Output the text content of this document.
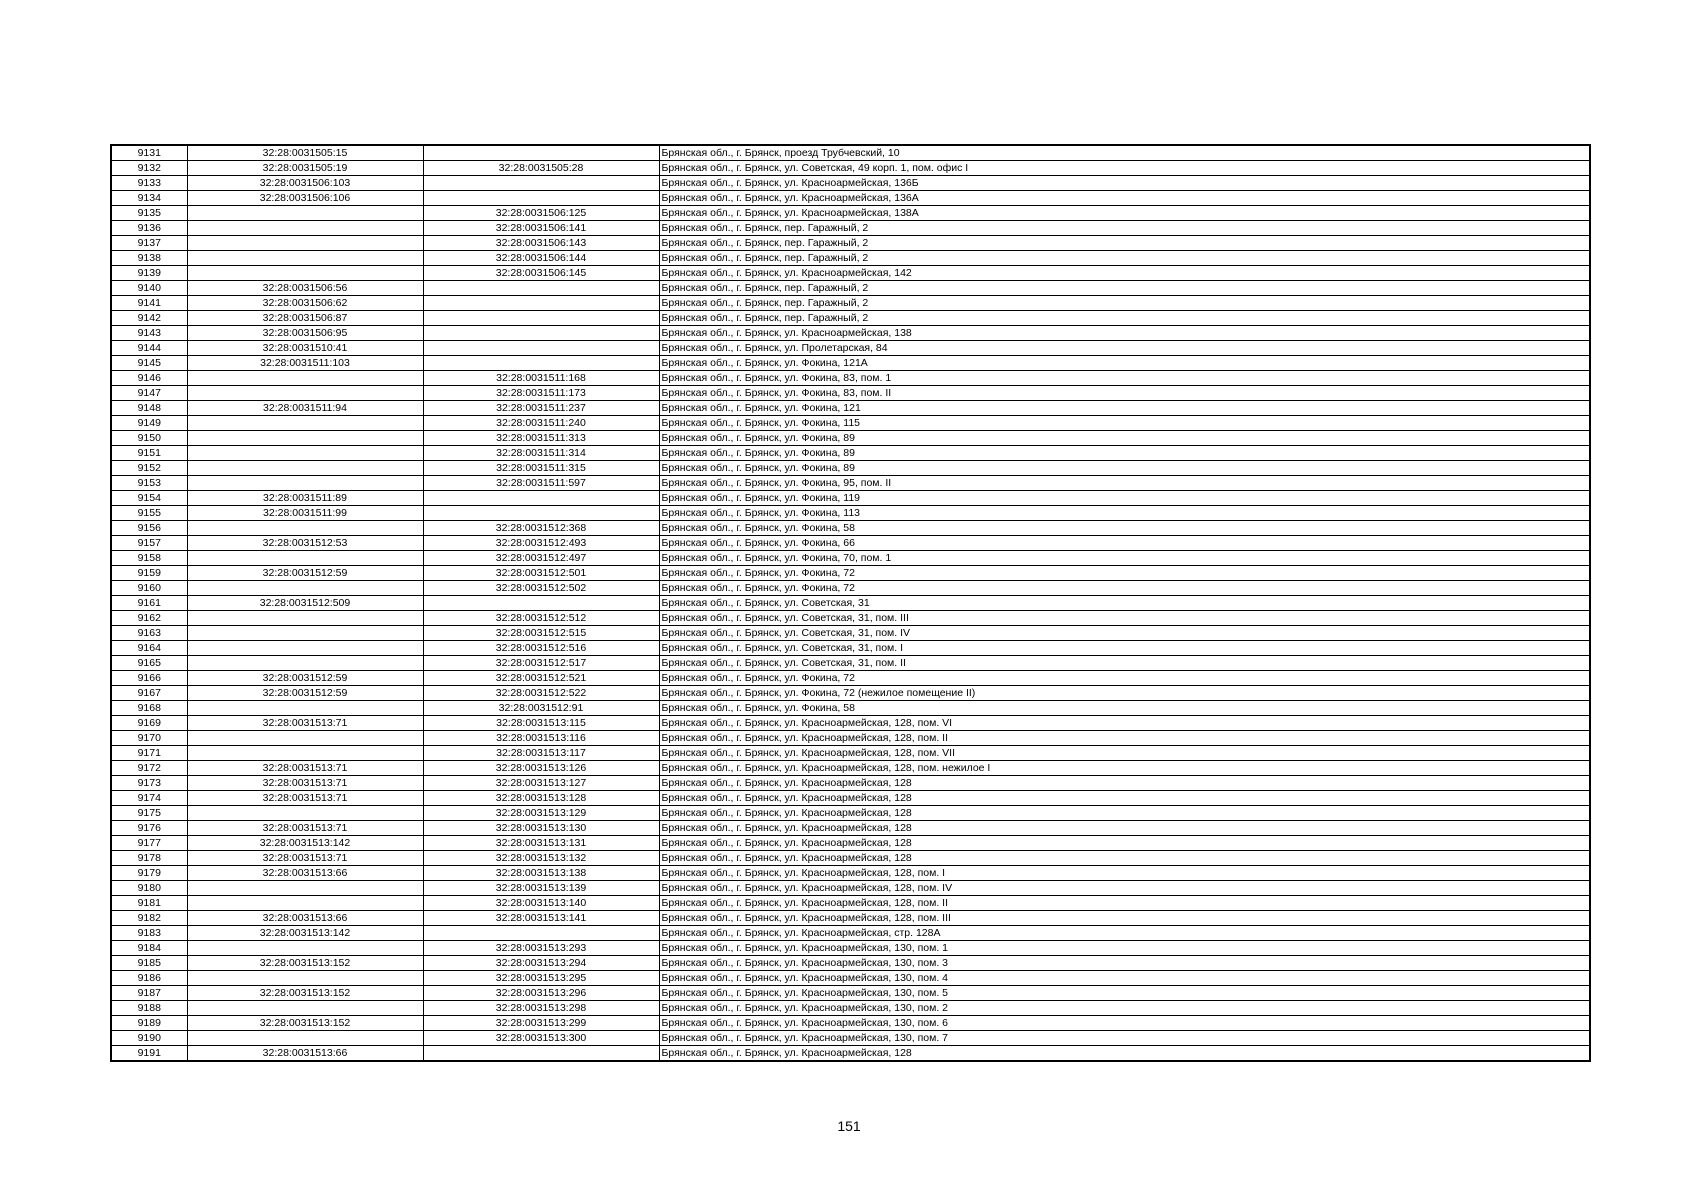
9131	32:28:0031505:15		Брянская обл., г. Брянск, проезд Трубчевский, 10
9132	32:28:0031505:19	32:28:0031505:28	Брянская обл., г. Брянск, ул. Советская, 49 корп. 1, пом. офис I
9133	32:28:0031506:103		Брянская обл., г. Брянск, ул. Красноармейская, 136Б
9134	32:28:0031506:106		Брянская обл., г. Брянск, ул. Красноармейская, 136А
9135		32:28:0031506:125	Брянская обл., г. Брянск, ул. Красноармейская, 138А
9136		32:28:0031506:141	Брянская обл., г. Брянск, пер. Гаражный, 2
9137		32:28:0031506:143	Брянская обл., г. Брянск, пер. Гаражный, 2
9138		32:28:0031506:144	Брянская обл., г. Брянск, пер. Гаражный, 2
9139		32:28:0031506:145	Брянская обл., г. Брянск, ул. Красноармейская, 142
9140	32:28:0031506:56		Брянская обл., г. Брянск, пер. Гаражный, 2
9141	32:28:0031506:62		Брянская обл., г. Брянск, пер. Гаражный, 2
9142	32:28:0031506:87		Брянская обл., г. Брянск, пер. Гаражный, 2
9143	32:28:0031506:95		Брянская обл., г. Брянск, ул. Красноармейская, 138
9144	32:28:0031510:41		Брянская обл., г. Брянск, ул. Пролетарская, 84
9145	32:28:0031511:103		Брянская обл., г. Брянск, ул. Фокина, 121А
9146		32:28:0031511:168	Брянская обл., г. Брянск, ул. Фокина, 83, пом. 1
9147		32:28:0031511:173	Брянская обл., г. Брянск, ул. Фокина, 83, пом. II
9148	32:28:0031511:94	32:28:0031511:237	Брянская обл., г. Брянск, ул. Фокина, 121
9149		32:28:0031511:240	Брянская обл., г. Брянск, ул. Фокина, 115
9150		32:28:0031511:313	Брянская обл., г. Брянск, ул. Фокина, 89
9151		32:28:0031511:314	Брянская обл., г. Брянск, ул. Фокина, 89
9152		32:28:0031511:315	Брянская обл., г. Брянск, ул. Фокина, 89
9153		32:28:0031511:597	Брянская обл., г. Брянск, ул. Фокина, 95, пом. II
9154	32:28:0031511:89		Брянская обл., г. Брянск, ул. Фокина, 119
9155	32:28:0031511:99		Брянская обл., г. Брянск, ул. Фокина, 113
9156		32:28:0031512:368	Брянская обл., г. Брянск, ул. Фокина, 58
9157	32:28:0031512:53	32:28:0031512:493	Брянская обл., г. Брянск, ул. Фокина, 66
9158		32:28:0031512:497	Брянская обл., г. Брянск, ул. Фокина, 70, пом. 1
9159	32:28:0031512:59	32:28:0031512:501	Брянская обл., г. Брянск, ул. Фокина, 72
9160		32:28:0031512:502	Брянская обл., г. Брянск, ул. Фокина, 72
9161	32:28:0031512:509		Брянская обл., г. Брянск, ул. Советская, 31
9162		32:28:0031512:512	Брянская обл., г. Брянск, ул. Советская, 31, пом. III
9163		32:28:0031512:515	Брянская обл., г. Брянск, ул. Советская, 31, пом. IV
9164		32:28:0031512:516	Брянская обл., г. Брянск, ул. Советская, 31, пом. I
9165		32:28:0031512:517	Брянская обл., г. Брянск, ул. Советская, 31, пом. II
9166	32:28:0031512:59	32:28:0031512:521	Брянская обл., г. Брянск, ул. Фокина, 72
9167	32:28:0031512:59	32:28:0031512:522	Брянская обл., г. Брянск, ул. Фокина, 72 (нежилое помещение II)
9168		32:28:0031512:91	Брянская обл., г. Брянск, ул. Фокина, 58
9169	32:28:0031513:71	32:28:0031513:115	Брянская обл., г. Брянск, ул. Красноармейская, 128, пом. VI
9170		32:28:0031513:116	Брянская обл., г. Брянск, ул. Красноармейская, 128, пом. II
9171		32:28:0031513:117	Брянская обл., г. Брянск, ул. Красноармейская, 128, пом. VII
9172	32:28:0031513:71	32:28:0031513:126	Брянская обл., г. Брянск, ул. Красноармейская, 128, пом. нежилое I
9173	32:28:0031513:71	32:28:0031513:127	Брянская обл., г. Брянск, ул. Красноармейская, 128
9174	32:28:0031513:71	32:28:0031513:128	Брянская обл., г. Брянск, ул. Красноармейская, 128
9175		32:28:0031513:129	Брянская обл., г. Брянск, ул. Красноармейская, 128
9176	32:28:0031513:71	32:28:0031513:130	Брянская обл., г. Брянск, ул. Красноармейская, 128
9177	32:28:0031513:142	32:28:0031513:131	Брянская обл., г. Брянск, ул. Красноармейская, 128
9178	32:28:0031513:71	32:28:0031513:132	Брянская обл., г. Брянск, ул. Красноармейская, 128
9179	32:28:0031513:66	32:28:0031513:138	Брянская обл., г. Брянск, ул. Красноармейская, 128, пом. I
9180		32:28:0031513:139	Брянская обл., г. Брянск, ул. Красноармейская, 128, пом. IV
9181		32:28:0031513:140	Брянская обл., г. Брянск, ул. Красноармейская, 128, пом. II
9182	32:28:0031513:66	32:28:0031513:141	Брянская обл., г. Брянск, ул. Красноармейская, 128, пом. III
9183	32:28:0031513:142		Брянская обл., г. Брянск, ул. Красноармейская, стр. 128А
9184		32:28:0031513:293	Брянская обл., г. Брянск, ул. Красноармейская, 130, пом. 1
9185	32:28:0031513:152	32:28:0031513:294	Брянская обл., г. Брянск, ул. Красноармейская, 130, пом. 3
9186		32:28:0031513:295	Брянская обл., г. Брянск, ул. Красноармейская, 130, пом. 4
9187	32:28:0031513:152	32:28:0031513:296	Брянская обл., г. Брянск, ул. Красноармейская, 130, пом. 5
9188		32:28:0031513:298	Брянская обл., г. Брянск, ул. Красноармейская, 130, пом. 2
9189	32:28:0031513:152	32:28:0031513:299	Брянская обл., г. Брянск, ул. Красноармейская, 130, пом. 6
9190		32:28:0031513:300	Брянская обл., г. Брянск, ул. Красноармейская, 130, пом. 7
9191	32:28:0031513:66		Брянская обл., г. Брянск, ул. Красноармейская, 128
151
